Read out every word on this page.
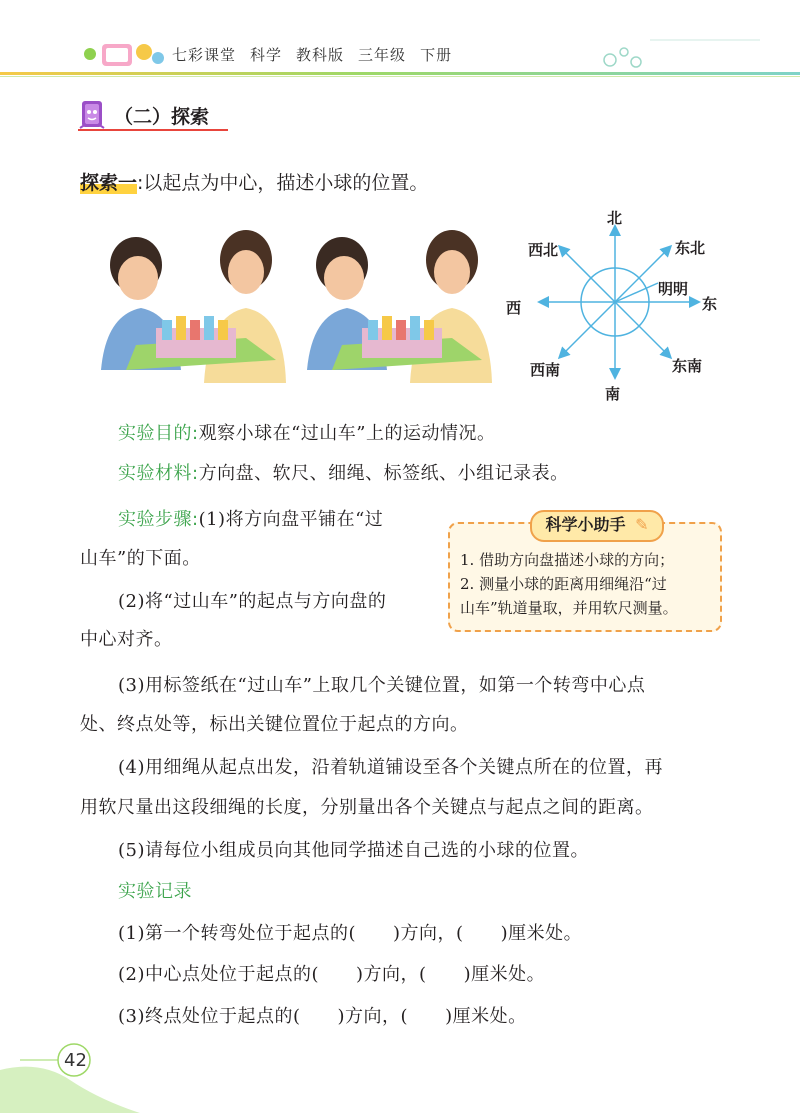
七彩课堂 科学 教科版 三年级 下册
（二）探索
探索一:以起点为中心，描述小球的位置。
北
南
东
西
东北
西北
东南
西南
明明
实验目的:观察小球在“过山车”上的运动情况。
实验材料:方向盘、软尺、细绳、标签纸、小组记录表。
实验步骤:(1)将方向盘平铺在“过
山车”的下面。
(2)将“过山车”的起点与方向盘的
中心对齐。
科学小助手 ✎
1. 借助方向盘描述小球的方向；
2. 测量小球的距离用细绳沿“过
山车”轨道量取，并用软尺测量。
(3)用标签纸在“过山车”上取几个关键位置，如第一个转弯中心点
处、终点处等，标出关键位置位于起点的方向。
(4)用细绳从起点出发，沿着轨道铺设至各个关键点所在的位置，再
用软尺量出这段细绳的长度，分别量出各个关键点与起点之间的距离。
(5)请每位小组成员向其他同学描述自己选的小球的位置。
实验记录
(1)第一个转弯处位于起点的(　　)方向，(　　)厘米处。
(2)中心点处位于起点的(　　)方向，(　　)厘米处。
(3)终点处位于起点的(　　)方向，(　　)厘米处。
42
